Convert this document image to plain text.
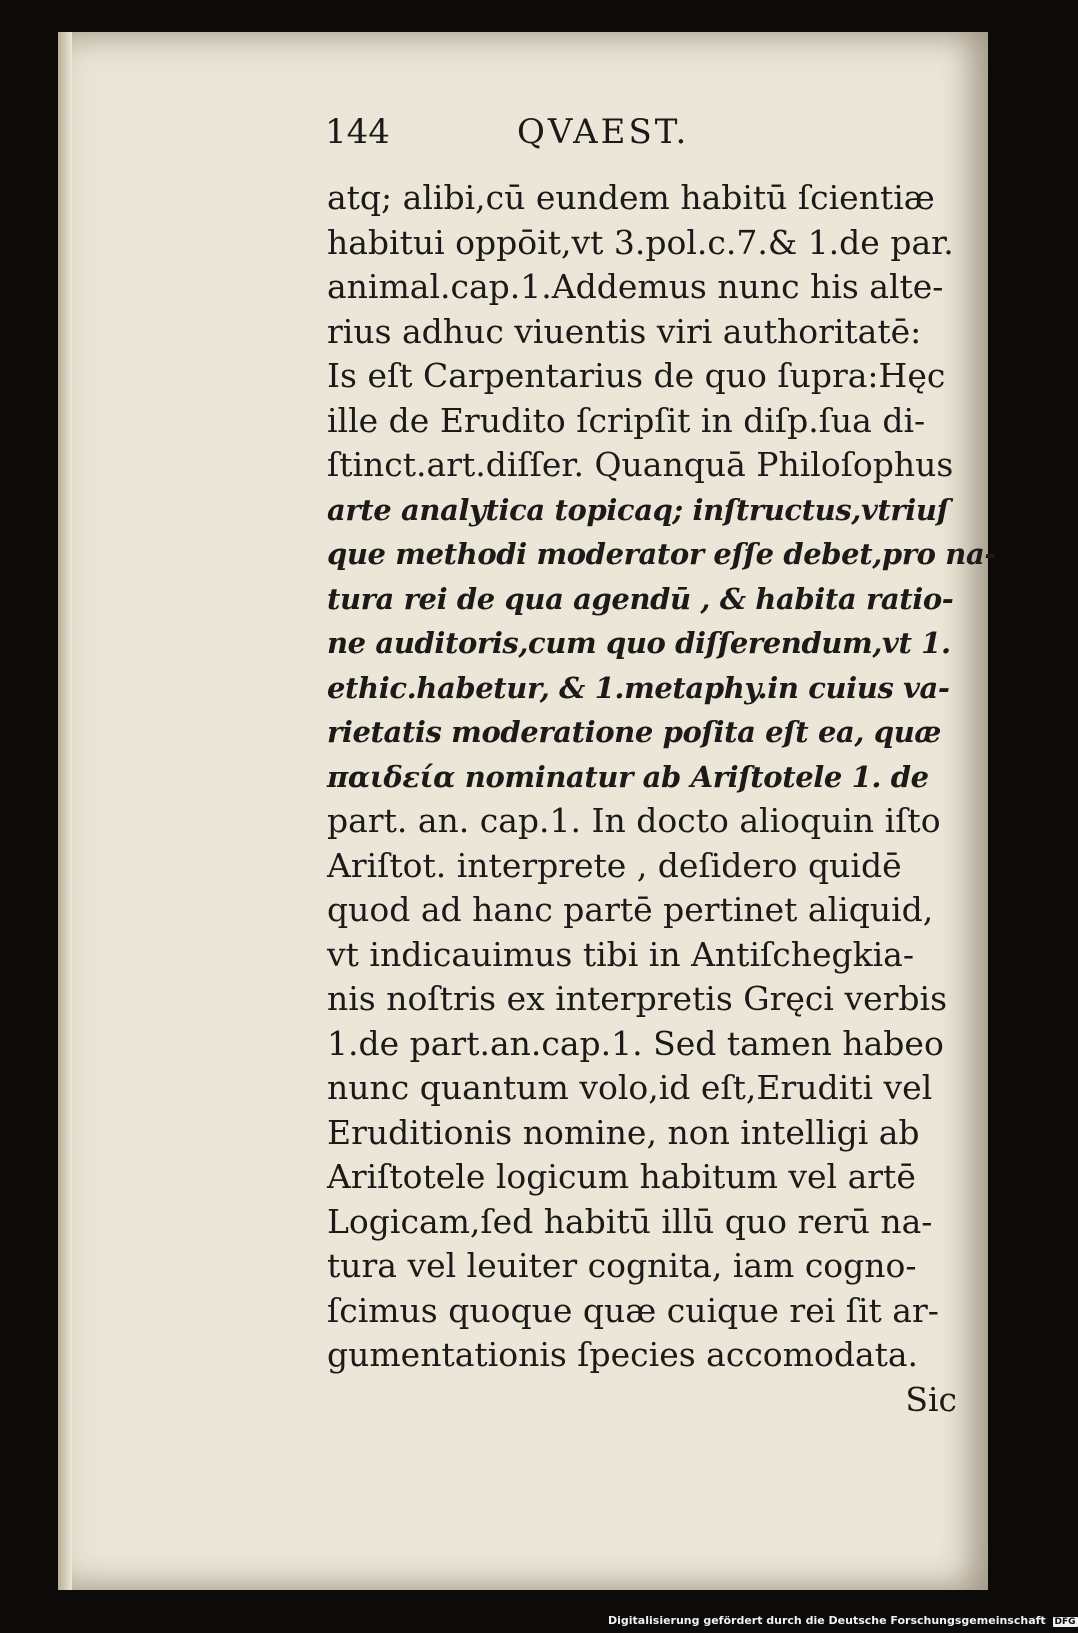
144	QVAEST.
atq; alibi,cū eundem habitū ſcientiæ
habitui oppōit,vt 3.pol.c.7.& 1.de par.
animal.cap.1.Addemus nunc his alte-
rius adhuc viuentis viri authoritatē:
Is eſt Carpentarius de quo ſupra:Hęc
ille de Erudito ſcripſit in diſp.ſua di-
ſtinct.art.diſſer. Quanquā Philoſophus
arte analytica topicaq; inſtructus,vtriuſ
que methodi moderator eſſe debet,pro na-
tura rei de qua agendū , & habita ratio-
ne auditoris,cum quo diſſerendum,vt 1.
ethic.habetur, & 1.metaphy.in cuius va-
rietatis moderatione poſita eſt ea, quæ
παιδεία nominatur ab Ariſtotele 1. de
part. an. cap.1. In docto alioquin iſto
Ariſtot. interprete , deſidero quidē
quod ad hanc partē pertinet aliquid,
vt indicauimus tibi in Antiſchegkia-
nis noſtris ex interpretis Gręci verbis
1.de part.an.cap.1. Sed tamen habeo
nunc quantum volo,id eſt,Eruditi vel
Eruditionis nomine, non intelligi ab
Ariſtotele logicum habitum vel artē
Logicam,ſed habitū illū quo rerū na-
tura vel leuiter cognita, iam cogno-
ſcimus quoque quæ cuique rei ſit ar-
gumentationis ſpecies accomodata.
Sic
Digitalisierung gefördert durch die Deutsche Forschungsgemeinschaft DFG
